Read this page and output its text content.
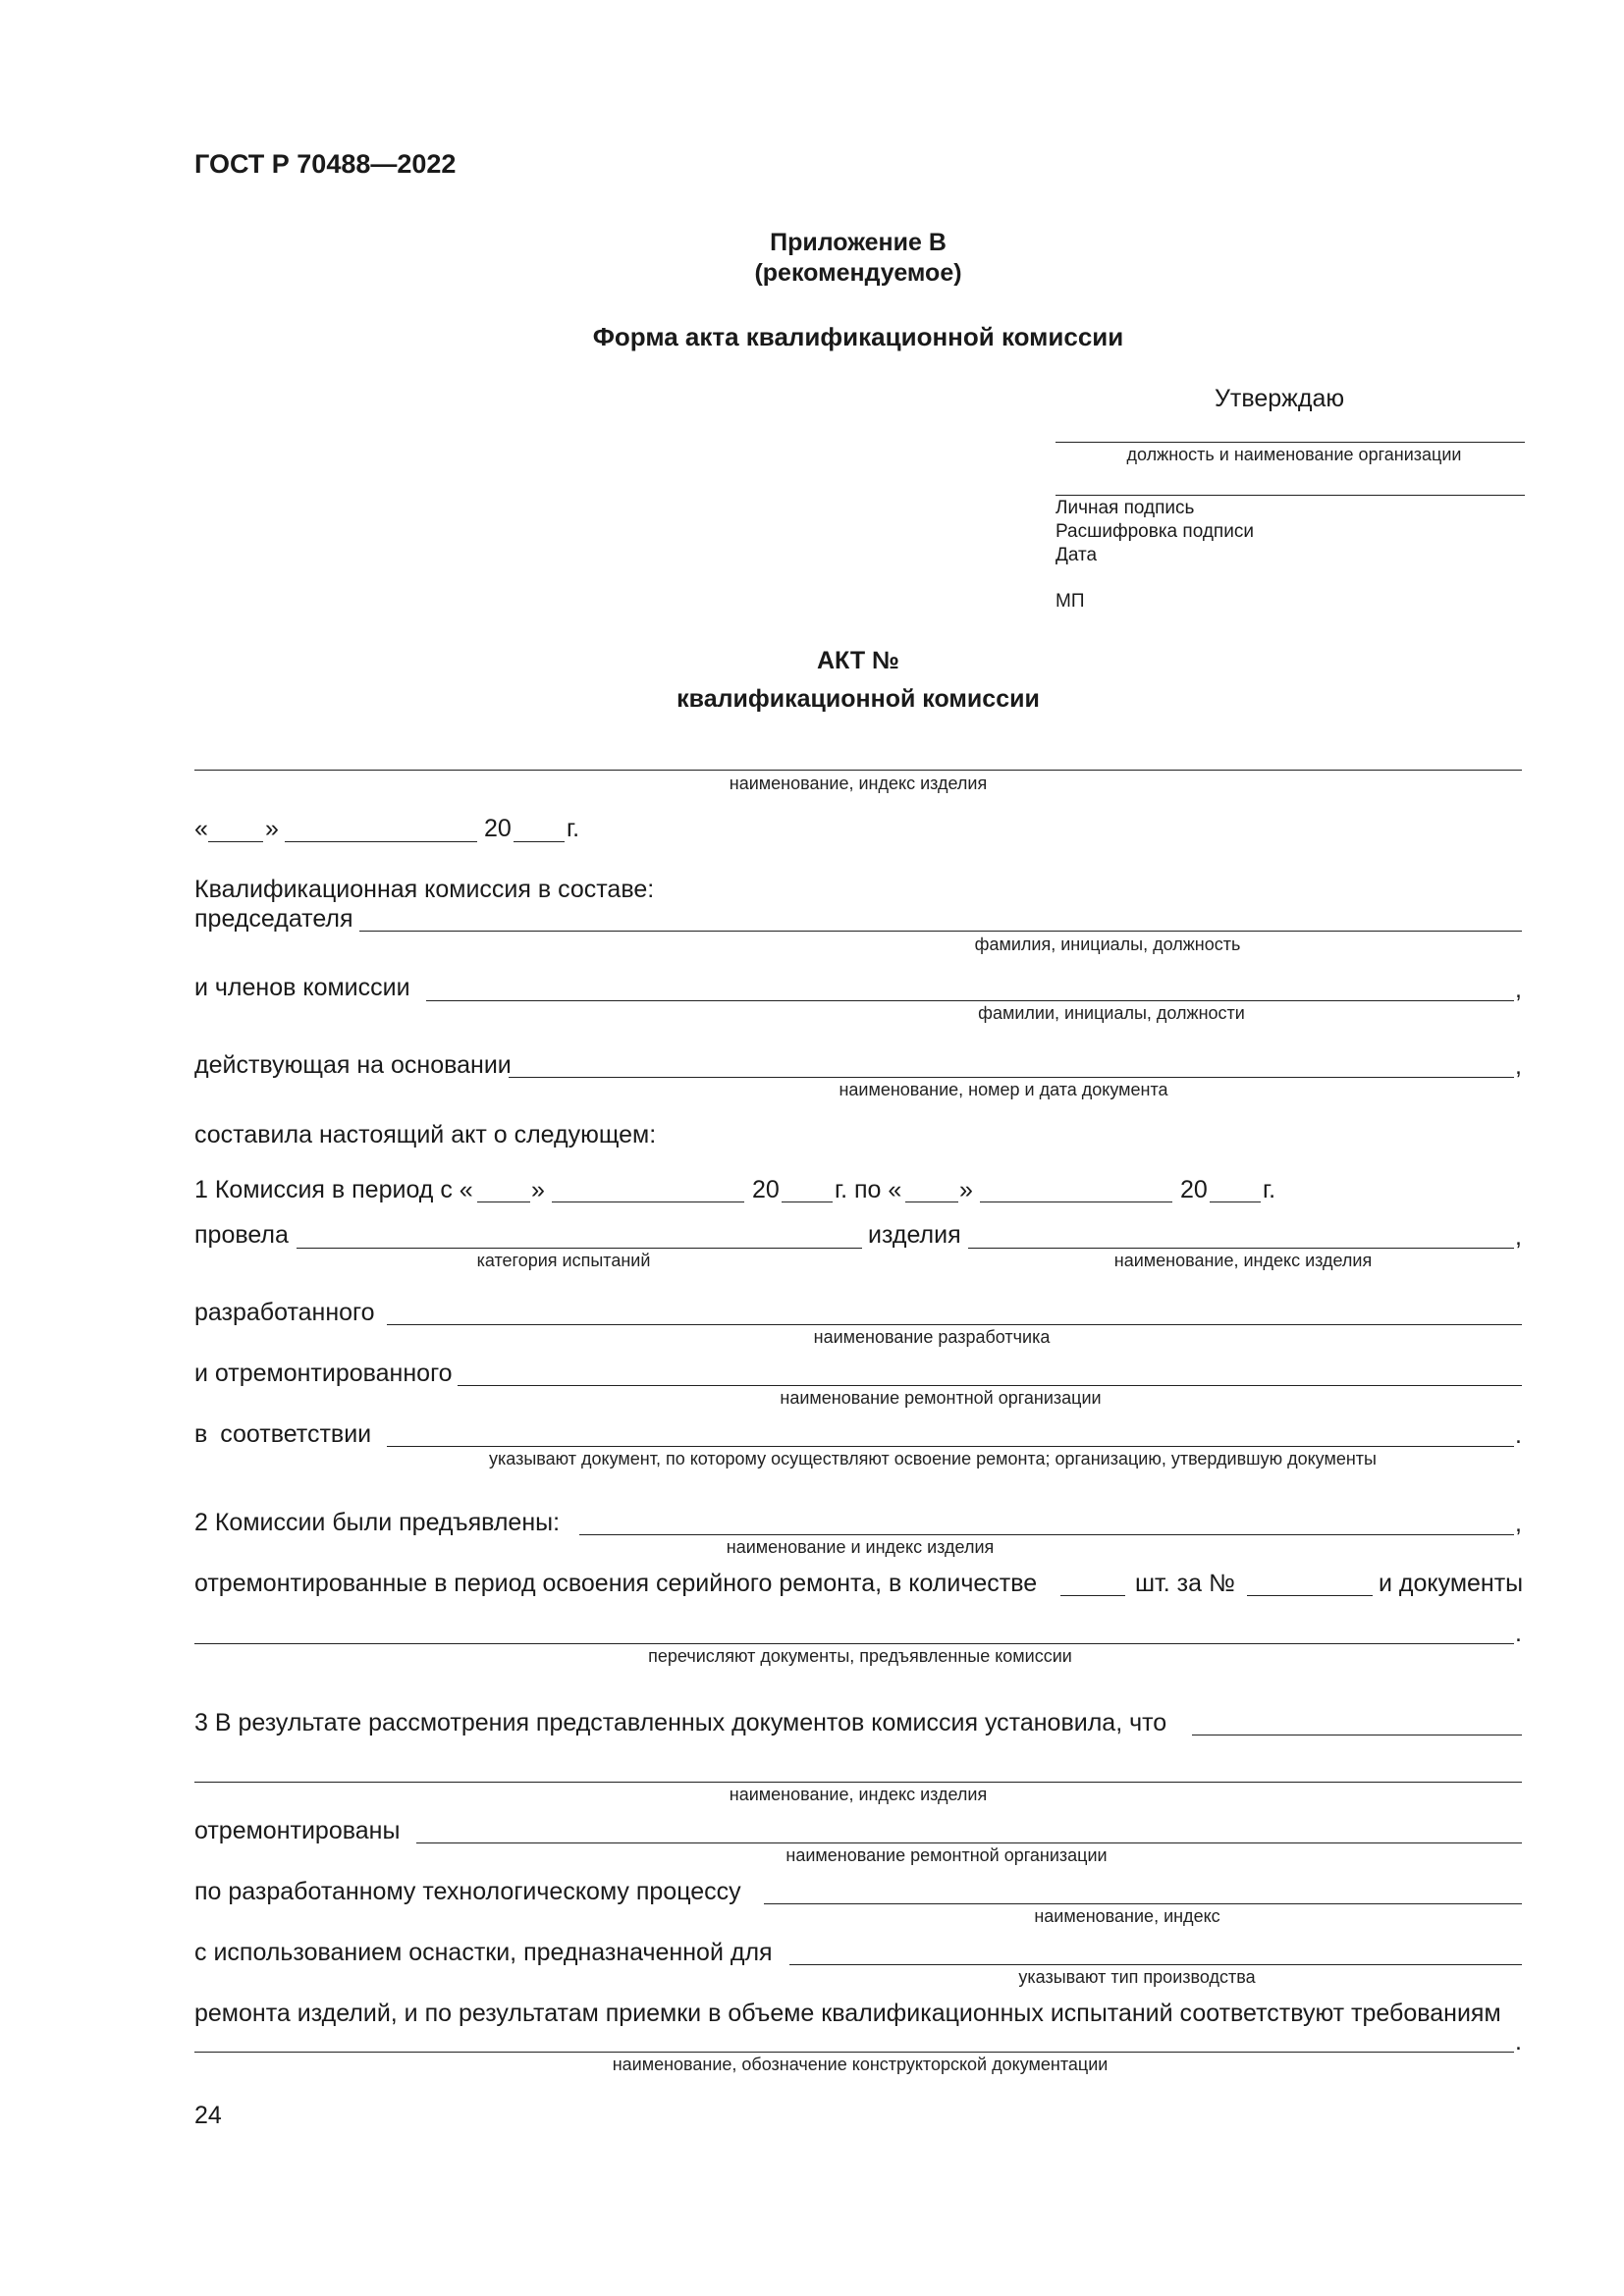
ГОСТ Р 70488—2022
Приложение В
(рекомендуемое)
Форма акта квалификационной комиссии
Утверждаю
должность и наименование организации
Личная подпись
Расшифровка подписи
Дата
МП
АКТ №
квалификационной комиссии
наименование, индекс изделия
« »	20 г.
Квалификационная комиссия в составе:
председателя
фамилия, инициалы, должность
и членов комиссии	,
фамилии, инициалы, должности
действующая на основании	,
наименование, номер и дата документа
составила настоящий акт о следующем:
1 Комиссия в период с « »	20 г. по « »	20 г.
провела
категория испытаний
изделия	,
наименование, индекс изделия
разработанного
наименование разработчика
и отремонтированного
наименование ремонтной организации
в соответствии	.
указывают документ, по которому осуществляют освоение ремонта; организацию, утвердившую документы
2 Комиссии были предъявлены:	,
наименование и индекс изделия
отремонтированные в период освоения серийного ремонта, в количестве	шт. за №	и документы
.
перечисляют документы, предъявленные комиссии
3 В результате рассмотрения представленных документов комиссия установила, что
наименование, индекс изделия
отремонтированы
наименование ремонтной организации
по разработанному технологическому процессу
наименование, индекс
с использованием оснастки, предназначенной для
указывают тип производства
ремонта изделий, и по результатам приемки в объеме квалификационных испытаний соответствуют требованиям
.
наименование, обозначение конструкторской документации
24
